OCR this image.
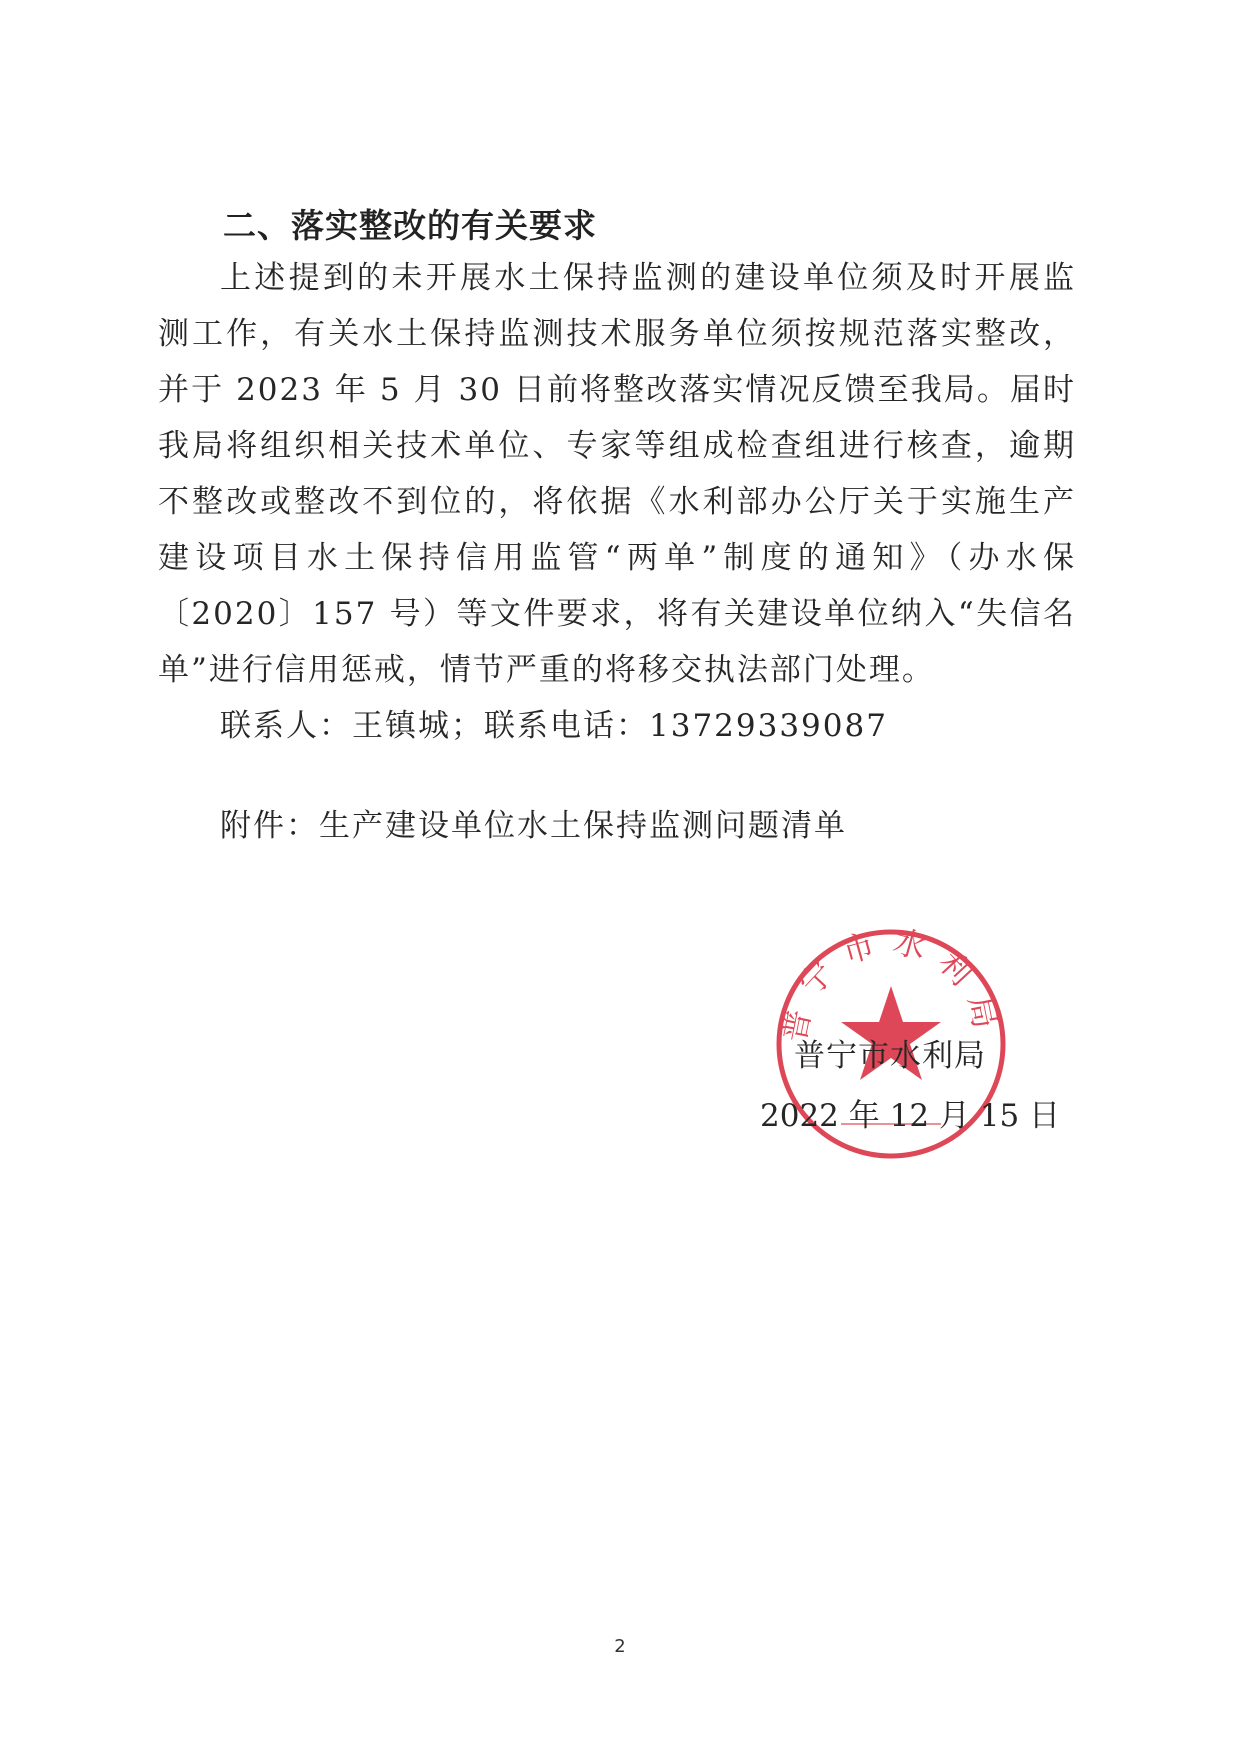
二、落实整改的有关要求

上述提到的未开展水土保持监测的建设单位须及时开展监测工作，有关水土保持监测技术服务单位须按规范落实整改，并于 2023 年 5 月 30 日前将整改落实情况反馈至我局。届时我局将组织相关技术单位、专家等组成检查组进行核查，逾期不整改或整改不到位的，将依据《水利部办公厅关于实施生产建设项目水土保持信用监管“两单”制度的通知》（办水保〔2020〕157 号）等文件要求，将有关建设单位纳入“失信名单”进行信用惩戒，情节严重的将移交执法部门处理。

联系人：王镇城；联系电话：13729339087

附件：生产建设单位水土保持监测问题清单

普宁市水利局
普宁市水利局
2022 年 12 月 15 日
2
